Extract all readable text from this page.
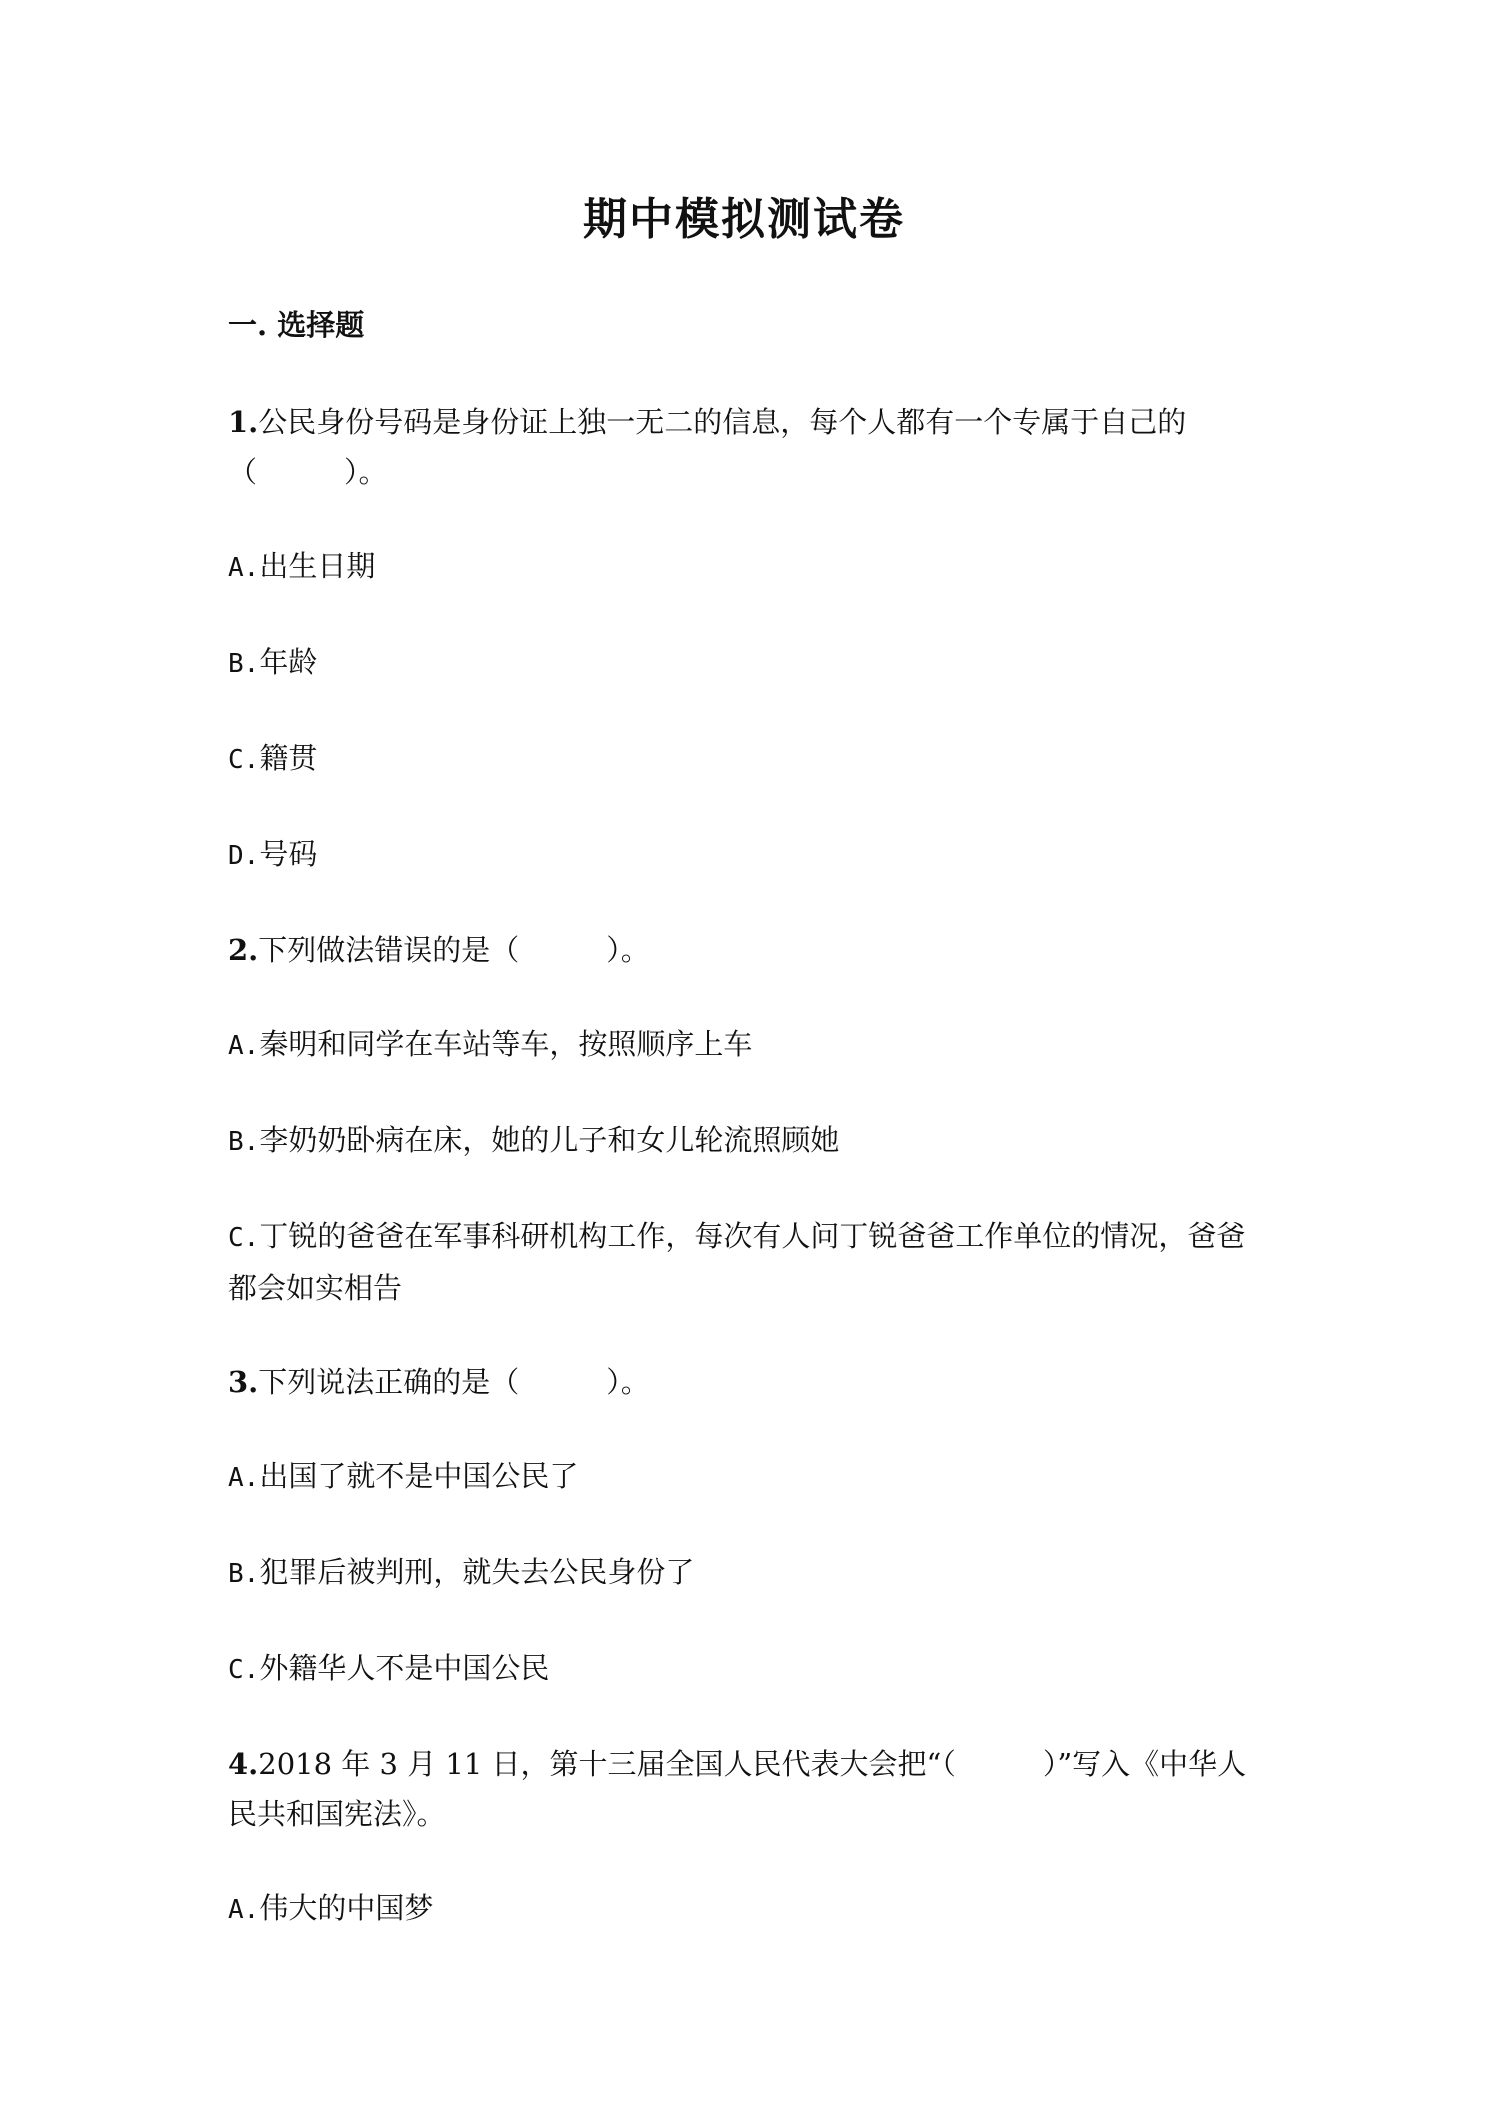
期中模拟测试卷
一. 选择题
1.公民身份号码是身份证上独一无二的信息，每个人都有一个专属于自己的（　　　）。
A.出生日期
B.年龄
C.籍贯
D.号码
2.下列做法错误的是（　　　）。
A.秦明和同学在车站等车，按照顺序上车
B.李奶奶卧病在床，她的儿子和女儿轮流照顾她
C.丁锐的爸爸在军事科研机构工作，每次有人问丁锐爸爸工作单位的情况，爸爸都会如实相告
3.下列说法正确的是（　　　）。
A.出国了就不是中国公民了
B.犯罪后被判刑，就失去公民身份了
C.外籍华人不是中国公民
4.2018 年 3 月 11 日，第十三届全国人民代表大会把“（　　　）”写入《中华人民共和国宪法》。
A.伟大的中国梦
